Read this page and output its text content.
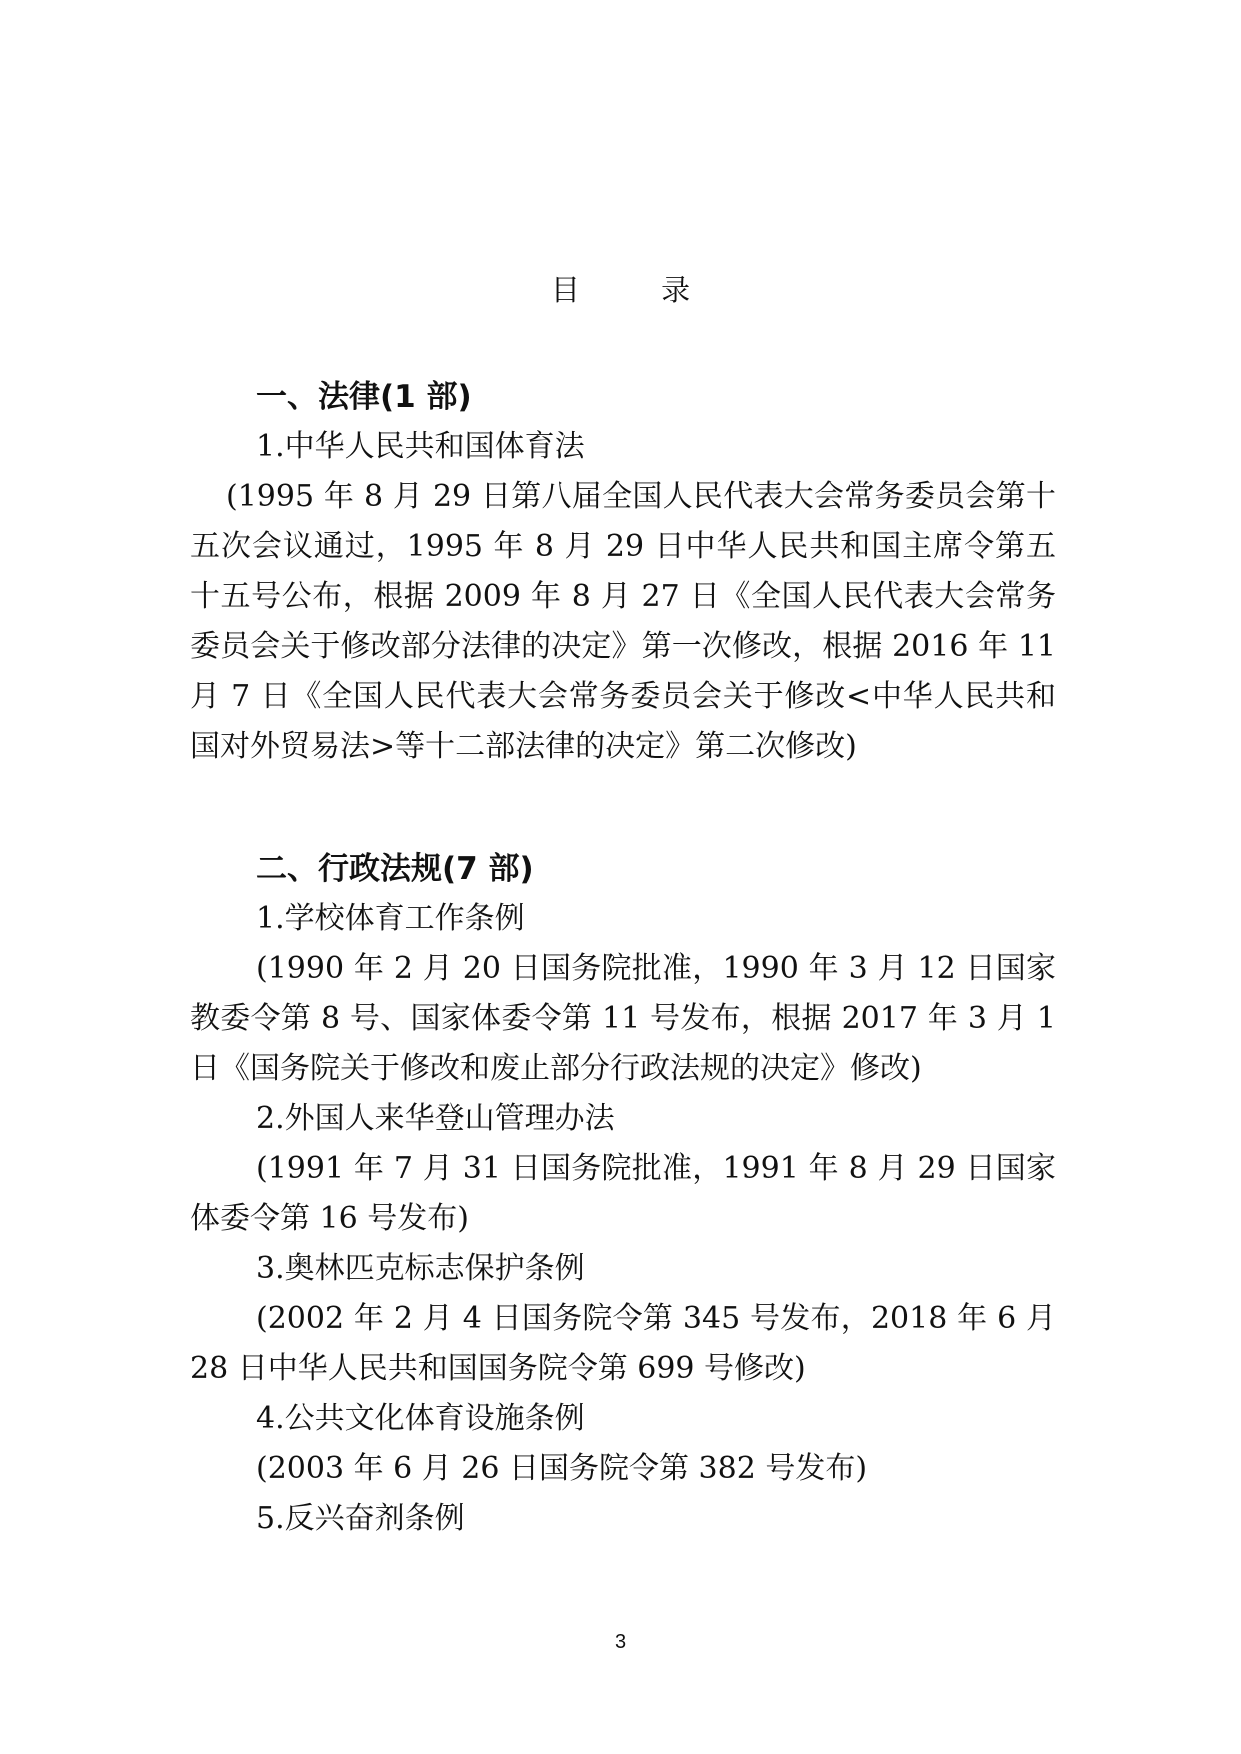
目 录
一、法律(1 部)
1.中华人民共和国体育法
(1995 年 8 月 29 日第八届全国人民代表大会常务委员会第十五次会议通过，1995 年 8 月 29 日中华人民共和国主席令第五十五号公布，根据 2009 年 8 月 27 日《全国人民代表大会常务委员会关于修改部分法律的决定》第一次修改，根据 2016 年 11 月 7 日《全国人民代表大会常务委员会关于修改<中华人民共和国对外贸易法>等十二部法律的决定》第二次修改)
二、行政法规(7 部)
1.学校体育工作条例
(1990 年 2 月 20 日国务院批准，1990 年 3 月 12 日国家教委令第 8 号、国家体委令第 11 号发布，根据 2017 年 3 月 1 日《国务院关于修改和废止部分行政法规的决定》修改)
2.外国人来华登山管理办法
(1991 年 7 月 31 日国务院批准，1991 年 8 月 29 日国家体委令第 16 号发布)
3.奥林匹克标志保护条例
(2002 年 2 月 4 日国务院令第 345 号发布，2018 年 6 月 28 日中华人民共和国国务院令第 699 号修改)
4.公共文化体育设施条例
(2003 年 6 月 26 日国务院令第 382 号发布)
5.反兴奋剂条例
3
